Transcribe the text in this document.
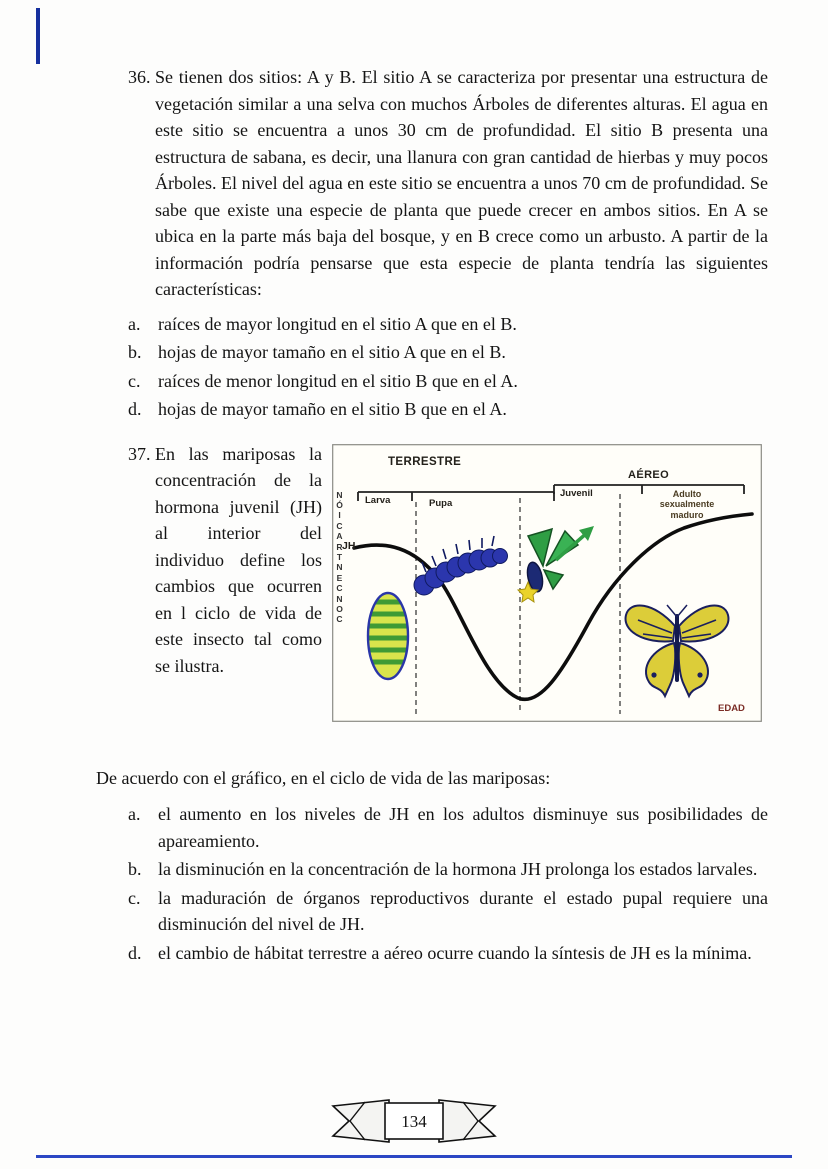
36. Se tienen dos sitios: A y B. El sitio A se caracteriza por presentar una estructura de vegetación similar a una selva con muchos Árboles de diferentes alturas. El agua en este sitio se encuentra a unos 30 cm de profundidad. El sitio B presenta una estructura de sabana, es decir, una llanura con gran cantidad de hierbas y muy pocos Árboles. El nivel del agua en este sitio se encuentra a unos 70 cm de profundidad. Se sabe que existe una especie de planta que puede crecer en ambos sitios. En A se ubica en la parte más baja del bosque, y en B crece como un arbusto. A partir de la información podría pensarse que esta especie de planta tendría las siguientes características:

a. raíces de mayor longitud en el sitio A que en el B.
b. hojas de mayor tamaño en el sitio A que en el B.
c. raíces de menor longitud en el sitio B que en el A.
d. hojas de mayor tamaño en el sitio B que en el A.
37. En las mariposas la concentración de la hormona juvenil (JH) al interior del individuo define los cambios que ocurren en l ciclo de vida de este insecto tal como se ilustra.

TERRESTRE
AÉREO
Larva	Pupa
Juvenil	Adulto sexualmente maduro
JH
N
Ó
I
C
A
R
T
N
E
C
N
O
C
EDAD

De acuerdo con el gráfico, en el ciclo de vida de las mariposas:

a. el aumento en los niveles de JH en los adultos disminuye sus posibilidades de apareamiento.
b. la disminución en la concentración de la hormona JH prolonga los estados larvales.
c. la maduración de órganos reproductivos durante el estado pupal requiere una disminución del nivel de JH.
d. el cambio de hábitat terrestre a aéreo ocurre cuando la síntesis de JH es la mínima.
134
